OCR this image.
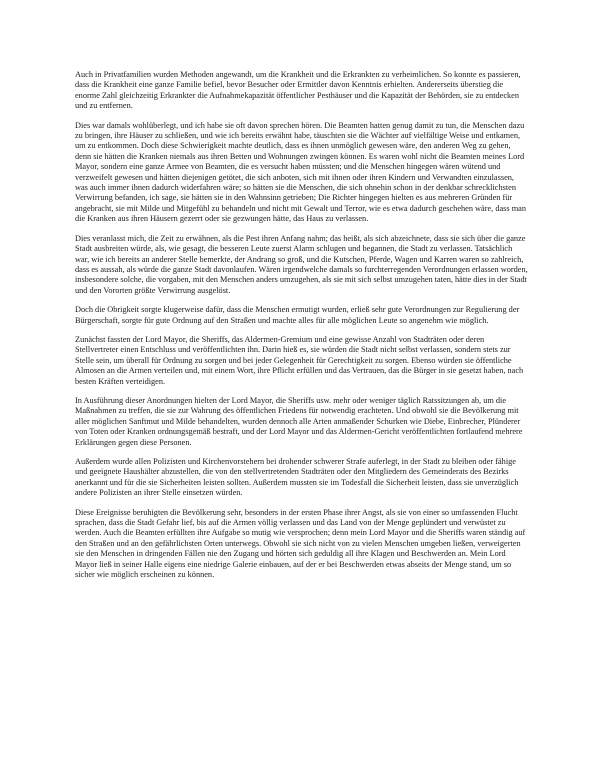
Auch in Privatfamilien wurden Methoden angewandt, um die Krankheit und die Erkrankten zu verheimlichen. So konnte es passieren, dass die Krankheit eine ganze Familie befiel, bevor Besucher oder Ermittler davon Kenntnis erhielten. Andererseits überstieg die enorme Zahl gleichzeitig Erkrankter die Aufnahmekapazität öffentlicher Pesthäuser und die Kapazität der Behörden, sie zu entdecken und zu entfernen.

Dies war damals wohlüberlegt, und ich habe sie oft davon sprechen hören. Die Beamten hatten genug damit zu tun, die Menschen dazu zu bringen, ihre Häuser zu schließen, und wie ich bereits erwähnt habe, täuschten sie die Wächter auf vielfältige Weise und entkamen, um zu entkommen. Doch diese Schwierigkeit machte deutlich, dass es ihnen unmöglich gewesen wäre, den anderen Weg zu gehen, denn sie hätten die Kranken niemals aus ihren Betten und Wohnungen zwingen können. Es waren wohl nicht die Beamten meines Lord Mayor, sondern eine ganze Armee von Beamten, die es versucht haben müssten; und die Menschen hingegen wären wütend und verzweifelt gewesen und hätten diejenigen getötet, die sich anboten, sich mit ihnen oder ihren Kindern und Verwandten einzulassen, was auch immer ihnen dadurch widerfahren wäre; so hätten sie die Menschen, die sich ohnehin schon in der denkbar schrecklichsten Verwirrung befanden, ich sage, sie hätten sie in den Wahnsinn getrieben; Die Richter hingegen hielten es aus mehreren Gründen für angebracht, sie mit Milde und Mitgefühl zu behandeln und nicht mit Gewalt und Terror, wie es etwa dadurch geschehen wäre, dass man die Kranken aus ihren Häusern gezerrt oder sie gezwungen hätte, das Haus zu verlassen.

Dies veranlasst mich, die Zeit zu erwähnen, als die Pest ihren Anfang nahm; das heißt, als sich abzeichnete, dass sie sich über die ganze Stadt ausbreiten würde, als, wie gesagt, die besseren Leute zuerst Alarm schlugen und begannen, die Stadt zu verlassen. Tatsächlich war, wie ich bereits an anderer Stelle bemerkte, der Andrang so groß, und die Kutschen, Pferde, Wagen und Karren waren so zahlreich, dass es aussah, als würde die ganze Stadt davonlaufen. Wären irgendwelche damals so furchterregenden Verordnungen erlassen worden, insbesondere solche, die vorgaben, mit den Menschen anders umzugehen, als sie mit sich selbst umzugehen taten, hätte dies in der Stadt und den Vororten größte Verwirrung ausgelöst.

Doch die Obrigkeit sorgte klugerweise dafür, dass die Menschen ermutigt wurden, erließ sehr gute Verordnungen zur Regulierung der Bürgerschaft, sorgte für gute Ordnung auf den Straßen und machte alles für alle möglichen Leute so angenehm wie möglich.

Zunächst fassten der Lord Mayor, die Sheriffs, das Aldermen-Gremium und eine gewisse Anzahl von Stadträten oder deren Stellvertreter einen Entschluss und veröffentlichten ihn. Darin hieß es, sie würden die Stadt nicht selbst verlassen, sondern stets zur Stelle sein, um überall für Ordnung zu sorgen und bei jeder Gelegenheit für Gerechtigkeit zu sorgen. Ebenso würden sie öffentliche Almosen an die Armen verteilen und, mit einem Wort, ihre Pflicht erfüllen und das Vertrauen, das die Bürger in sie gesetzt haben, nach besten Kräften verteidigen.

In Ausführung dieser Anordnungen hielten der Lord Mayor, die Sheriffs usw. mehr oder weniger täglich Ratssitzungen ab, um die Maßnahmen zu treffen, die sie zur Wahrung des öffentlichen Friedens für notwendig erachteten. Und obwohl sie die Bevölkerung mit aller möglichen Sanftmut und Milde behandelten, wurden dennoch alle Arten anmaßender Schurken wie Diebe, Einbrecher, Plünderer von Toten oder Kranken ordnungsgemäß bestraft, und der Lord Mayor und das Aldermen-Gericht veröffentlichten fortlaufend mehrere Erklärungen gegen diese Personen.

Außerdem wurde allen Polizisten und Kirchenvorstehern bei drohender schwerer Strafe auferlegt, in der Stadt zu bleiben oder fähige und geeignete Haushälter abzustellen, die von den stellvertretenden Stadträten oder den Mitgliedern des Gemeinderats des Bezirks anerkannt und für die sie Sicherheiten leisten sollten. Außerdem mussten sie im Todesfall die Sicherheit leisten, dass sie unverzüglich andere Polizisten an ihrer Stelle einsetzen würden.

Diese Ereignisse beruhigten die Bevölkerung sehr, besonders in der ersten Phase ihrer Angst, als sie von einer so umfassenden Flucht sprachen, dass die Stadt Gefahr lief, bis auf die Armen völlig verlassen und das Land von der Menge geplündert und verwüstet zu werden. Auch die Beamten erfüllten ihre Aufgabe so mutig wie versprochen; denn mein Lord Mayor und die Sheriffs waren ständig auf den Straßen und an den gefährlichsten Orten unterwegs. Obwohl sie sich nicht von zu vielen Menschen umgeben ließen, verweigerten sie den Menschen in dringenden Fällen nie den Zugang und hörten sich geduldig all ihre Klagen und Beschwerden an. Mein Lord Mayor ließ in seiner Halle eigens eine niedrige Galerie einbauen, auf der er bei Beschwerden etwas abseits der Menge stand, um so sicher wie möglich erscheinen zu können.
